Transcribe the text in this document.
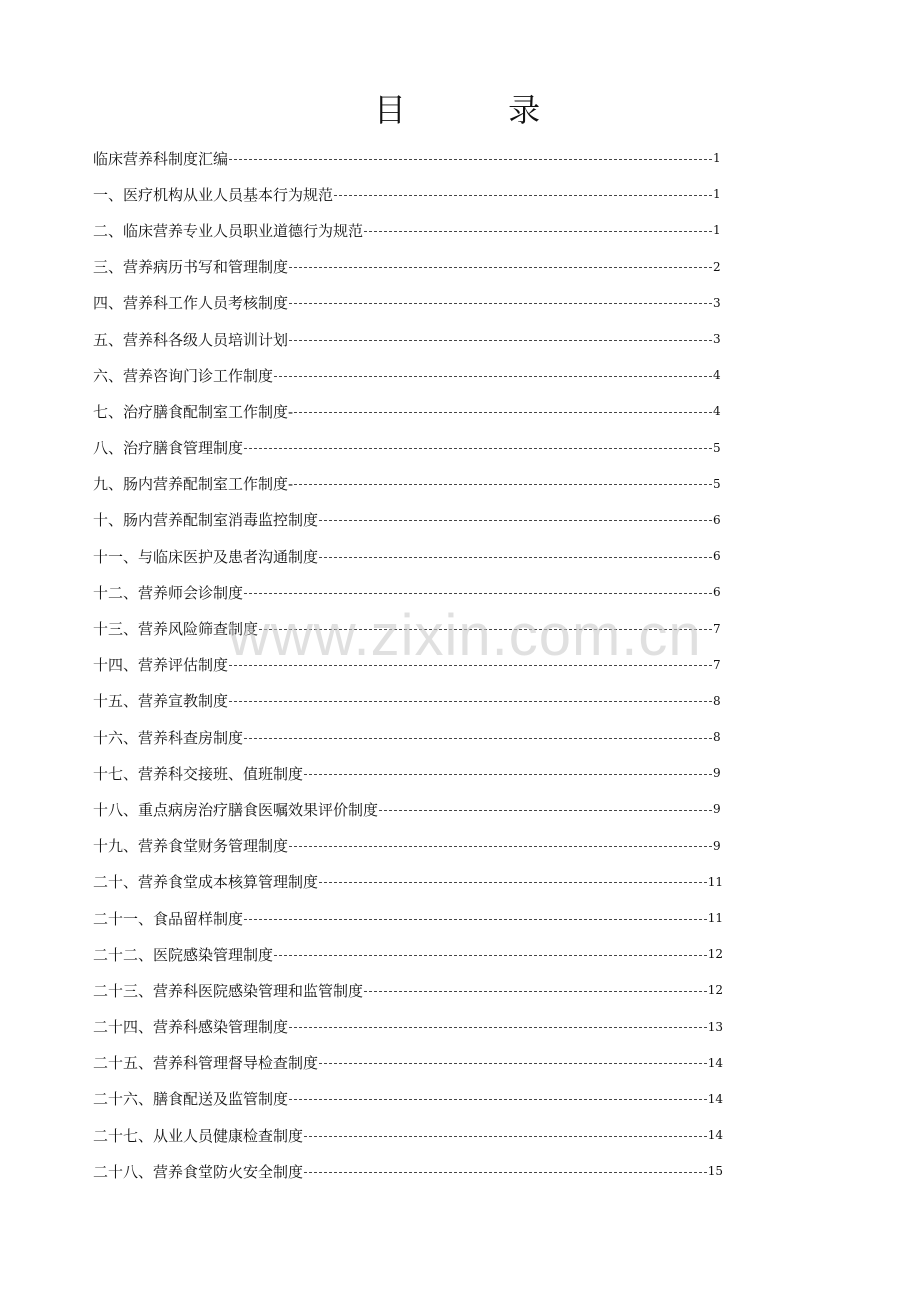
目 录
临床营养科制度汇编	1
一、医疗机构从业人员基本行为规范	1
二、临床营养专业人员职业道德行为规范	1
三、营养病历书写和管理制度	2
四、营养科工作人员考核制度	3
五、营养科各级人员培训计划	3
六、营养咨询门诊工作制度	4
七、治疗膳食配制室工作制度-	4
八、治疗膳食管理制度	5
九、肠内营养配制室工作制度-	5
十、肠内营养配制室消毒监控制度	6
十一、与临床医护及患者沟通制度	6
十二、营养师会诊制度	6
十三、营养风险筛查制度	7
十四、营养评估制度	7
十五、营养宣教制度	8
十六、营养科查房制度	8
十七、营养科交接班、值班制度	9
十八、重点病房治疗膳食医嘱效果评价制度	9
十九、营养食堂财务管理制度	9
二十、营养食堂成本核算管理制度	11
二十一、食品留样制度	11
二十二、医院感染管理制度	12
二十三、营养科医院感染管理和监管制度	12
二十四、营养科感染管理制度	13
二十五、营养科管理督导检查制度	14
二十六、膳食配送及监管制度	14
二十七、从业人员健康检查制度	14
二十八、营养食堂防火安全制度	15
www.zixin.com.cn
